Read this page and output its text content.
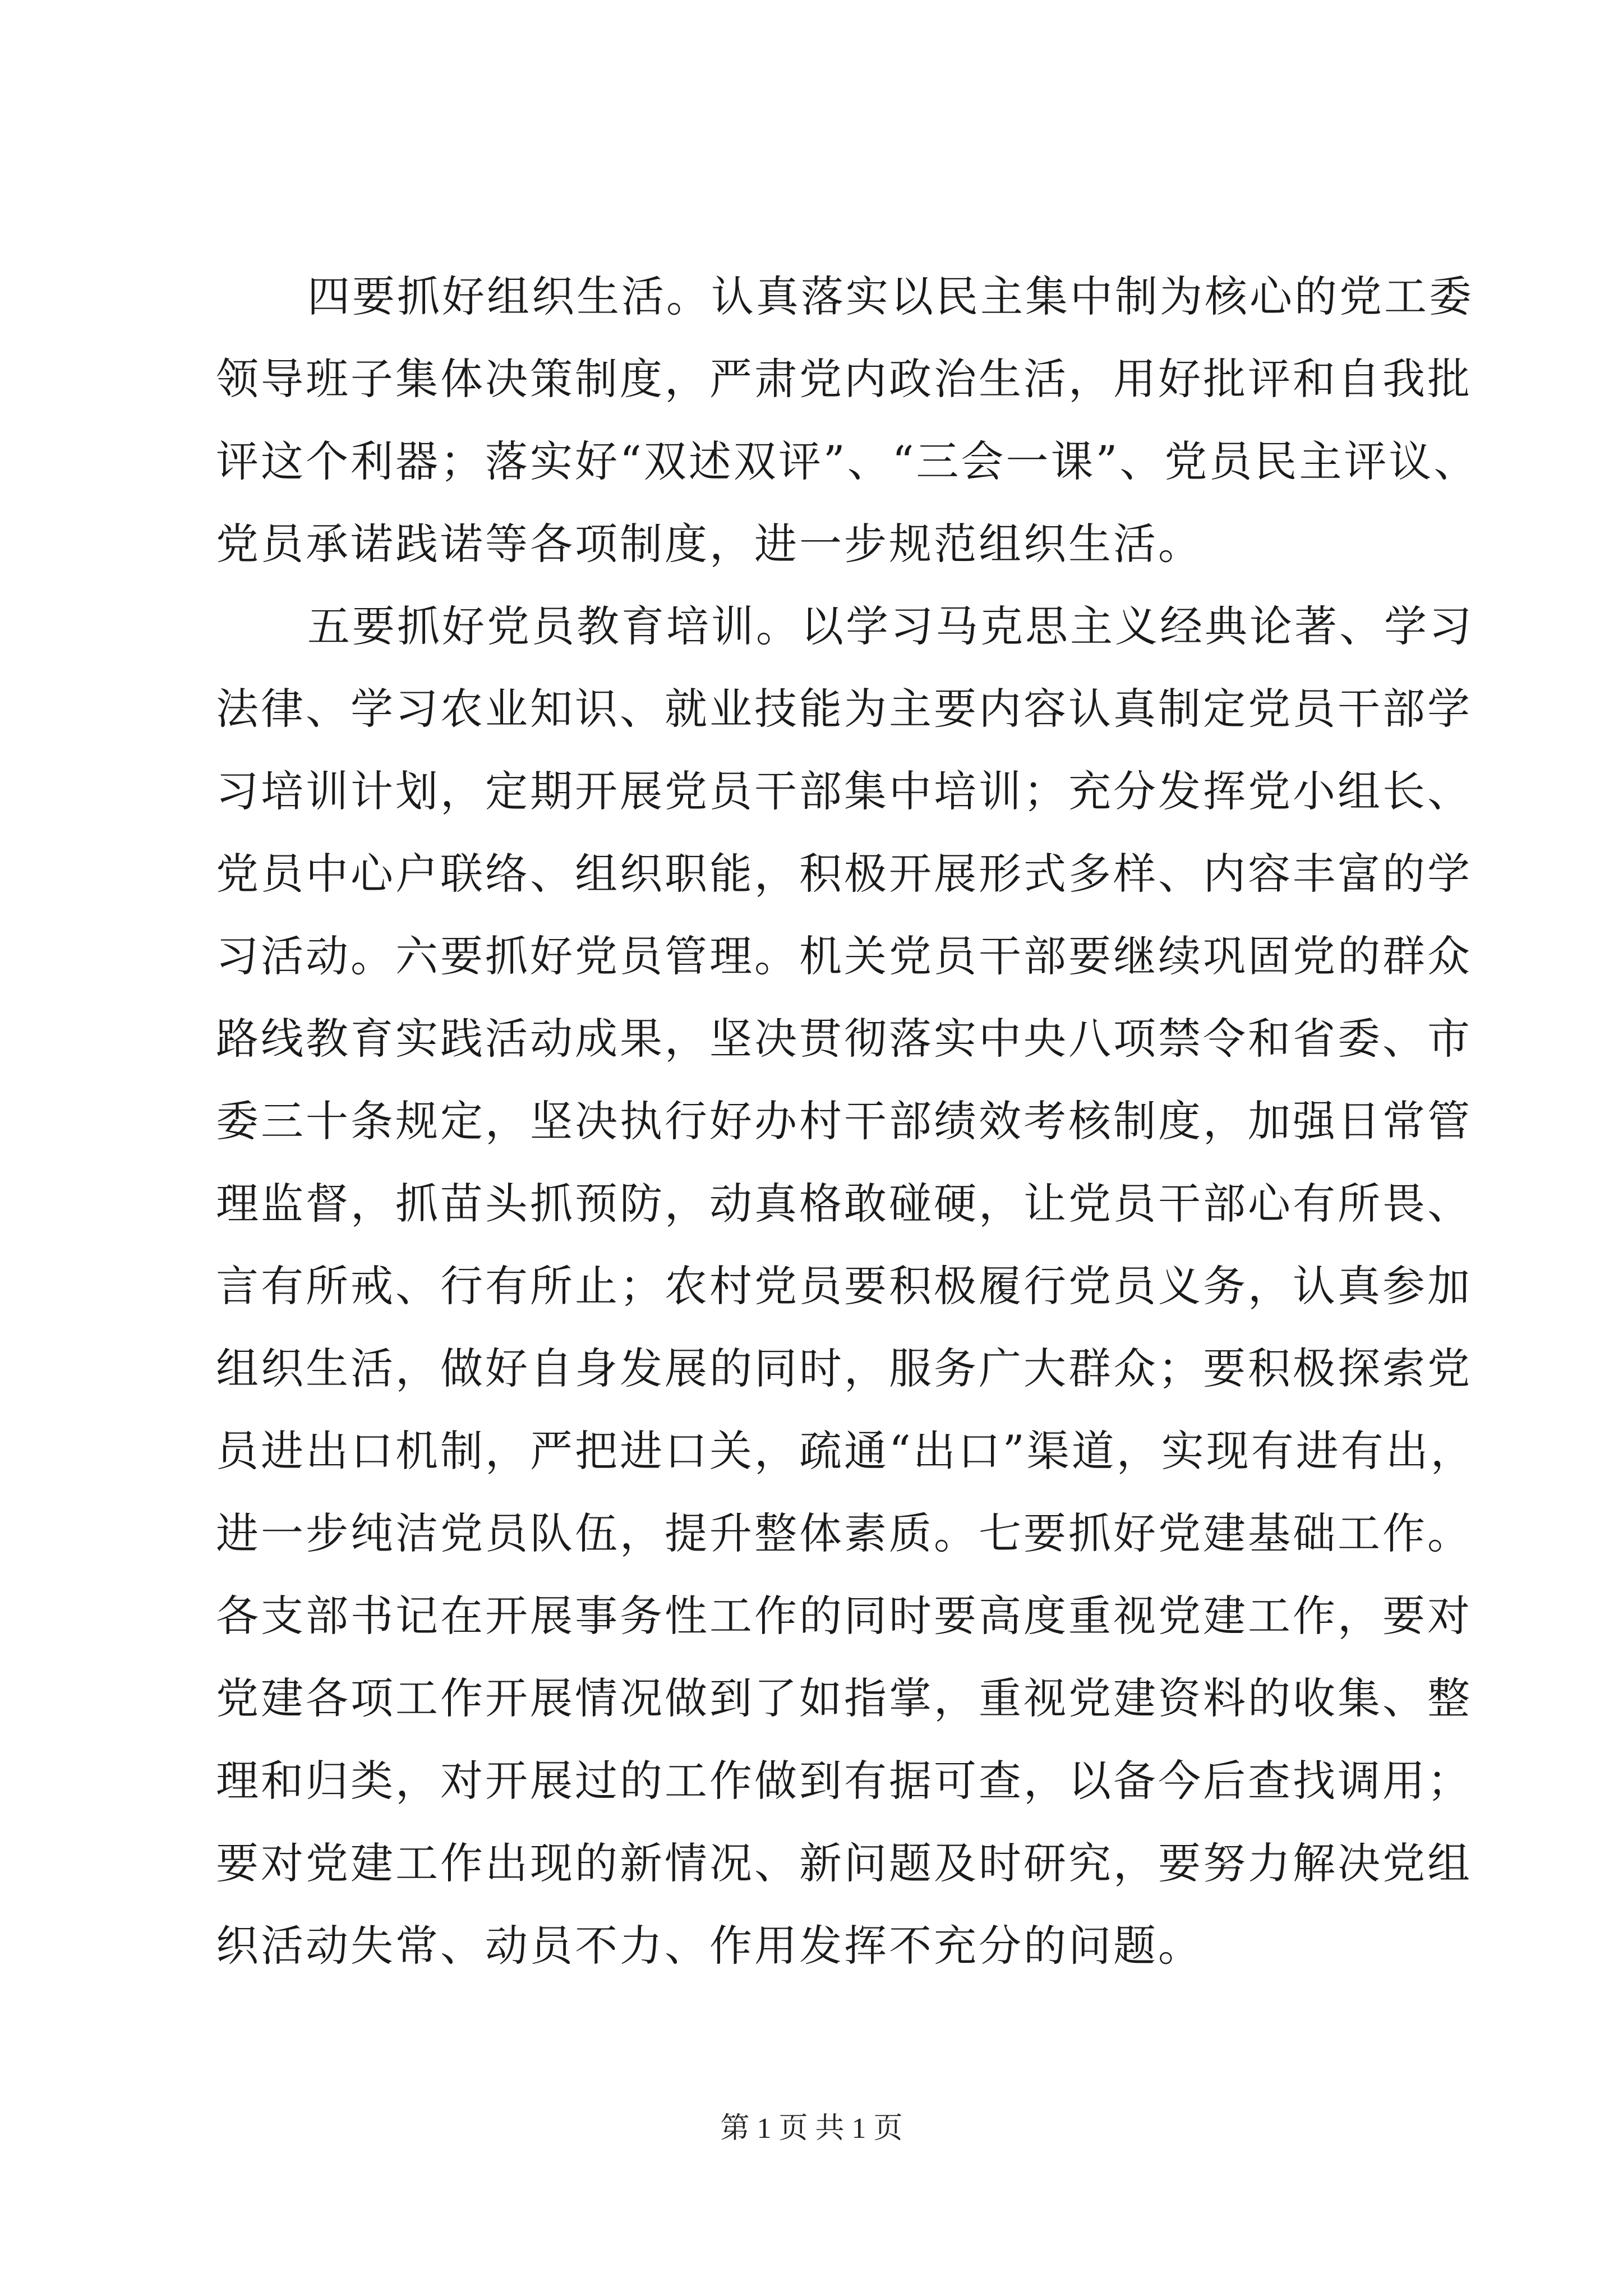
四要抓好组织生活。认真落实以民主集中制为核心的党工委
领导班子集体决策制度，严肃党内政治生活，用好批评和自我批
评这个利器；落实好“双述双评”、“三会一课”、党员民主评议、
党员承诺践诺等各项制度，进一步规范组织生活。
五要抓好党员教育培训。以学习马克思主义经典论著、学习
法律、学习农业知识、就业技能为主要内容认真制定党员干部学
习培训计划，定期开展党员干部集中培训；充分发挥党小组长、
党员中心户联络、组织职能，积极开展形式多样、内容丰富的学
习活动。六要抓好党员管理。机关党员干部要继续巩固党的群众
路线教育实践活动成果，坚决贯彻落实中央八项禁令和省委、市
委三十条规定，坚决执行好办村干部绩效考核制度，加强日常管
理监督，抓苗头抓预防，动真格敢碰硬，让党员干部心有所畏、
言有所戒、行有所止；农村党员要积极履行党员义务，认真参加
组织生活，做好自身发展的同时，服务广大群众；要积极探索党
员进出口机制，严把进口关，疏通“出口”渠道，实现有进有出，
进一步纯洁党员队伍，提升整体素质。七要抓好党建基础工作。
各支部书记在开展事务性工作的同时要高度重视党建工作，要对
党建各项工作开展情况做到了如指掌，重视党建资料的收集、整
理和归类，对开展过的工作做到有据可查，以备今后查找调用；
要对党建工作出现的新情况、新问题及时研究，要努力解决党组
织活动失常、动员不力、作用发挥不充分的问题。
第 1 页 共 1 页
